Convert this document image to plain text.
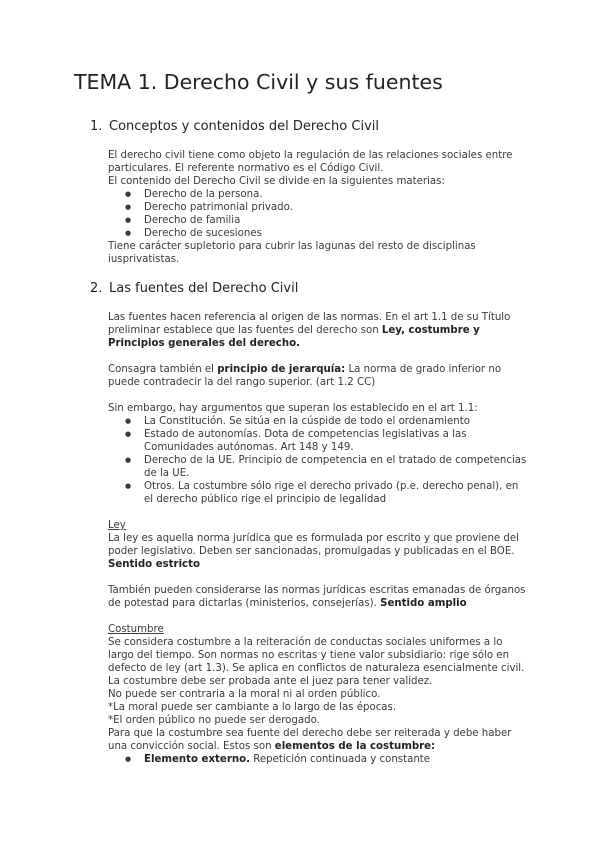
TEMA 1. Derecho Civil y sus fuentes
1. Conceptos y contenidos del Derecho Civil

El derecho civil tiene como objeto la regulación de las relaciones sociales entre particulares. El referente normativo es el Código Civil.

El contenido del Derecho Civil se divide en la siguientes materias:

● Derecho de la persona.
● Derecho patrimonial privado.
● Derecho de familia
● Derecho de sucesiones

Tiene carácter supletorio para cubrir las lagunas del resto de disciplinas iusprivatistas.

2. Las fuentes del Derecho Civil

Las fuentes hacen referencia al origen de las normas. En el art 1.1 de su Título preliminar establece que las fuentes del derecho son Ley, costumbre y Principios generales del derecho.

Consagra también el principio de jerarquía: La norma de grado inferior no puede contradecir la del rango superior. (art 1.2 CC)

Sin embargo, hay argumentos que superan los establecido en el art 1.1:

● La Constitución. Se sitúa en la cúspide de todo el ordenamiento
● Estado de autonomías. Dota de competencias legislativas a las Comunidades autónomas. Art 148 y 149.
● Derecho de la UE. Principio de competencia en el tratado de competencias de la UE.
● Otros. La costumbre sólo rige el derecho privado (p.e. derecho penal), en el derecho público rige el principio de legalidad

Ley

La ley es aquella norma jurídica que es formulada por escrito y que proviene del poder legislativo. Deben ser sancionadas, promulgadas y publicadas en el BOE. Sentido estricto

También pueden considerarse las normas jurídicas escritas emanadas de órganos de potestad para dictarlas (ministerios, consejerías). Sentido amplio

Costumbre

Se considera costumbre a la reiteración de conductas sociales uniformes a lo largo del tiempo. Son normas no escritas y tiene valor subsidiario: rige sólo en defecto de ley (art 1.3). Se aplica en conflictos de naturaleza esencialmente civil.

La costumbre debe ser probada ante el juez para tener validez.

No puede ser contraria a la moral ni al orden público.

*La moral puede ser cambiante a lo largo de las épocas.

*El orden público no puede ser derogado.

Para que la costumbre sea fuente del derecho debe ser reiterada y debe haber una convicción social. Estos son elementos de la costumbre:

● Elemento externo. Repetición continuada y constante
